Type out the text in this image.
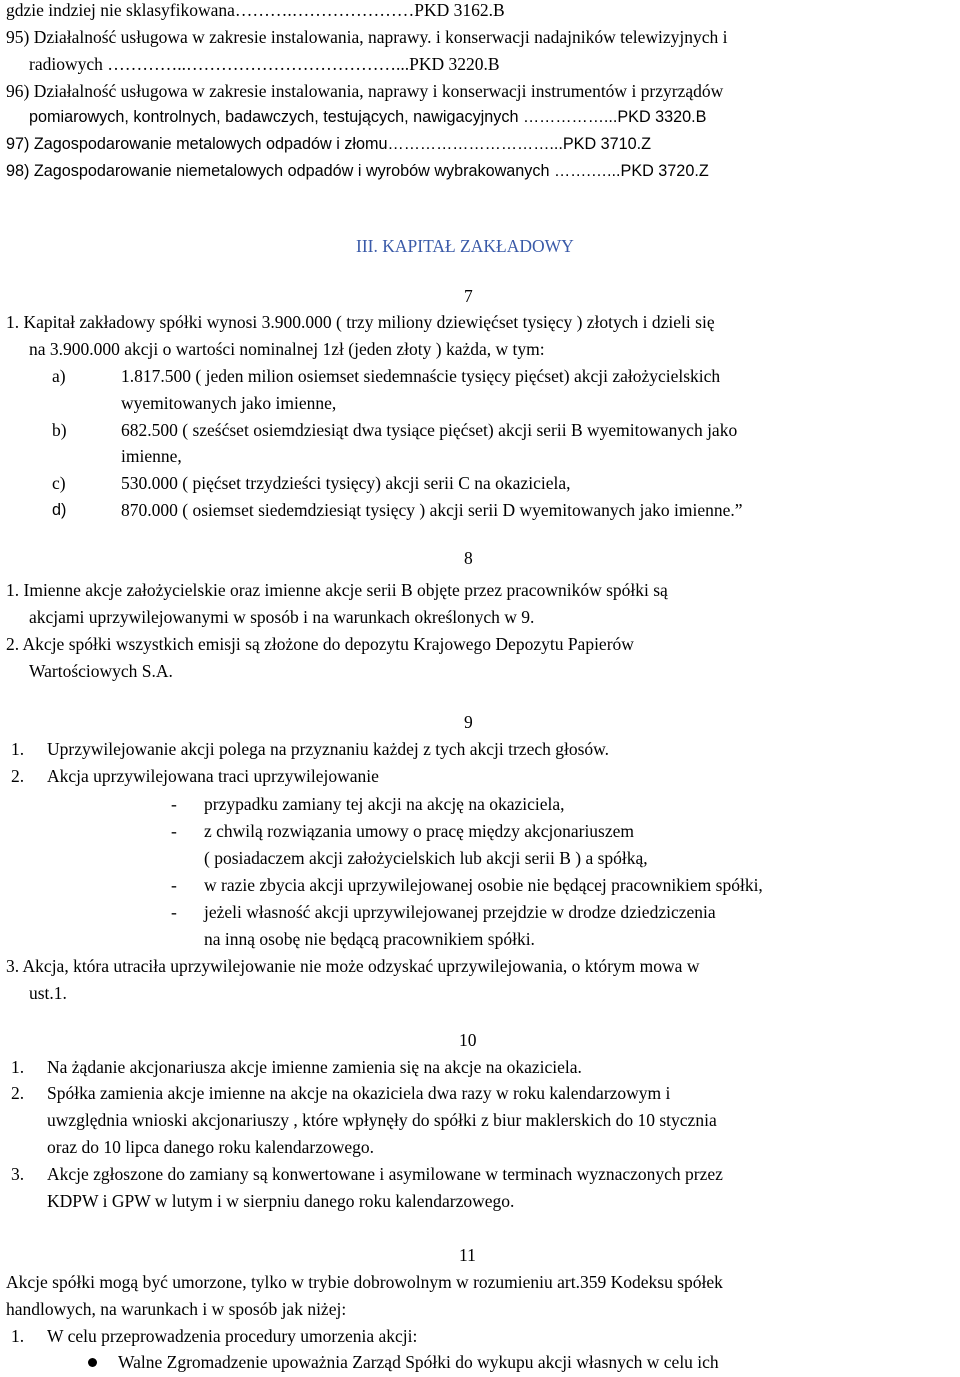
gdzie indziej nie sklasyfikowana……….…………………PKD 3162.B
95) Działalność usługowa w zakresie instalowania, naprawy. i konserwacji nadajników telewizyjnych i
radiowych …………..………………………………...PKD 3220.B
96) Działalność usługowa w zakresie instalowania, naprawy i konserwacji instrumentów i przyrządów
pomiarowych, kontrolnych, badawczych, testujących, nawigacyjnych ……………...PKD 3320.B
97) Zagospodarowanie metalowych odpadów i złomu…………………………...PKD 3710.Z
98) Zagospodarowanie niemetalowych odpadów i wyrobów wybrakowanych …….…...PKD 3720.Z
III. KAPITAŁ ZAKŁADOWY
7
1. Kapitał zakładowy spółki wynosi 3.900.000 ( trzy miliony dziewięćset tysięcy ) złotych i dzieli się
na 3.900.000 akcji o wartości nominalnej 1zł (jeden złoty ) każda, w tym:
a)	1.817.500 ( jeden milion osiemset siedemnaście tysięcy pięćset) akcji założycielskich
wyemitowanych jako imienne,
b)	682.500 ( sześćset osiemdziesiąt dwa tysiące pięćset) akcji serii B wyemitowanych jako
imienne,
c)	530.000 ( pięćset trzydzieści tysięcy) akcji serii C na okaziciela,
d)	870.000 ( osiemset siedemdziesiąt tysięcy ) akcji serii D wyemitowanych jako imienne.”
8
1. Imienne akcje założycielskie oraz imienne akcje serii B objęte przez pracowników spółki są
akcjami uprzywilejowanymi w sposób i na warunkach określonych w 9.
2. Akcje spółki wszystkich emisji są złożone do depozytu Krajowego Depozytu Papierów
Wartościowych S.A.
9
1. Uprzywilejowanie akcji polega na przyznaniu każdej z tych akcji trzech głosów.
2. Akcja uprzywilejowana traci uprzywilejowanie
- przypadku zamiany tej akcji na akcję na okaziciela,
- z chwilą rozwiązania umowy o pracę między akcjonariuszem
( posiadaczem akcji założycielskich lub akcji serii B ) a spółką,
- w razie zbycia akcji uprzywilejowanej osobie nie będącej pracownikiem spółki,
- jeżeli własność akcji uprzywilejowanej przejdzie w drodze dziedziczenia
na inną osobę nie będącą pracownikiem spółki.
3. Akcja, która utraciła uprzywilejowanie nie może odzyskać uprzywilejowania, o którym mowa w
ust.1.
10
1. Na żądanie akcjonariusza akcje imienne zamienia się na akcje na okaziciela.
2. Spółka zamienia akcje imienne na akcje na okaziciela dwa razy w roku kalendarzowym i
uwzględnia wnioski akcjonariuszy , które wpłynęły do spółki z biur maklerskich do 10 stycznia
oraz do 10 lipca danego roku kalendarzowego.
3. Akcje zgłoszone do zamiany są konwertowane i asymilowane w terminach wyznaczonych przez
KDPW i GPW w lutym i w sierpniu danego roku kalendarzowego.
11
Akcje spółki mogą być umorzone, tylko w trybie dobrowolnym w rozumieniu art.359 Kodeksu spółek
handlowych, na warunkach i w sposób jak niżej:
1. W celu przeprowadzenia procedury umorzenia akcji:
Walne Zgromadzenie upoważnia Zarząd Spółki do wykupu akcji własnych w celu ich
